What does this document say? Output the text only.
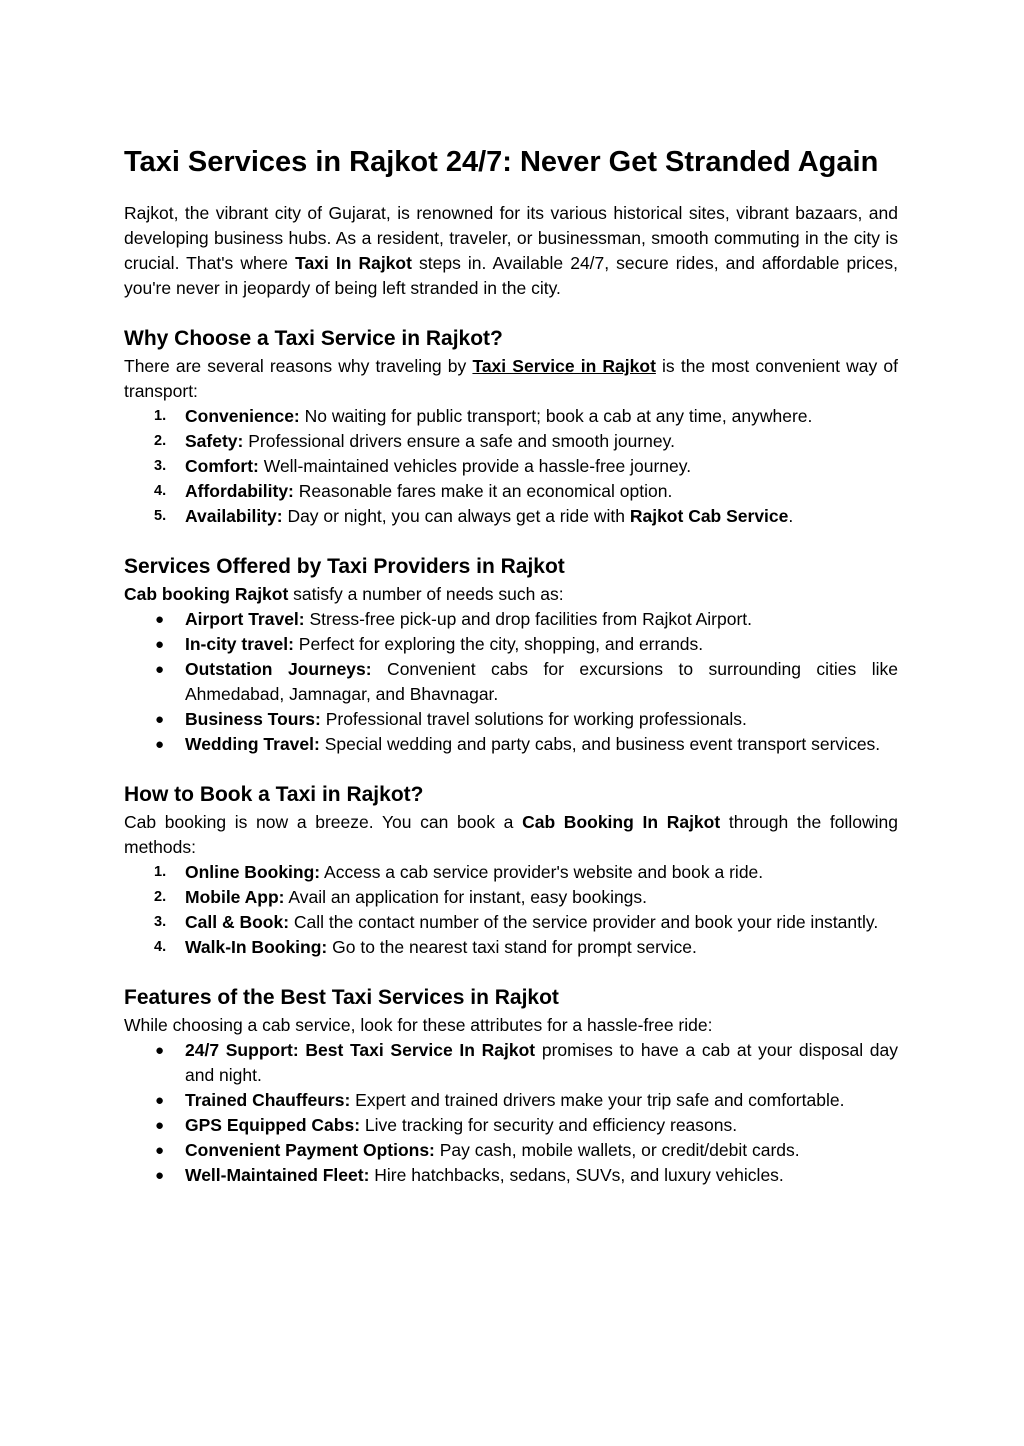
Taxi Services in Rajkot 24/7: Never Get Stranded Again

Rajkot, the vibrant city of Gujarat, is renowned for its various historical sites, vibrant bazaars, and developing business hubs. As a resident, traveler, or businessman, smooth commuting in the city is crucial. That's where Taxi In Rajkot steps in. Available 24/7, secure rides, and affordable prices, you're never in jeopardy of being left stranded in the city.

Why Choose a Taxi Service in Rajkot?

There are several reasons why traveling by Taxi Service in Rajkot is the most convenient way of transport:

1. Convenience: No waiting for public transport; book a cab at any time, anywhere.

2. Safety: Professional drivers ensure a safe and smooth journey.

3. Comfort: Well-maintained vehicles provide a hassle-free journey.

4. Affordability: Reasonable fares make it an economical option.

5. Availability: Day or night, you can always get a ride with Rajkot Cab Service.

Services Offered by Taxi Providers in Rajkot

Cab booking Rajkot satisfy a number of needs such as:

● Airport Travel: Stress-free pick-up and drop facilities from Rajkot Airport.

● In-city travel: Perfect for exploring the city, shopping, and errands.

● Outstation Journeys: Convenient cabs for excursions to surrounding cities like Ahmedabad, Jamnagar, and Bhavnagar.

● Business Tours: Professional travel solutions for working professionals.

● Wedding Travel: Special wedding and party cabs, and business event transport services.

How to Book a Taxi in Rajkot?

Cab booking is now a breeze. You can book a Cab Booking In Rajkot through the following methods:

1. Online Booking: Access a cab service provider's website and book a ride.

2. Mobile App: Avail an application for instant, easy bookings.

3. Call & Book: Call the contact number of the service provider and book your ride instantly.

4. Walk-In Booking: Go to the nearest taxi stand for prompt service.

Features of the Best Taxi Services in Rajkot

While choosing a cab service, look for these attributes for a hassle-free ride:

● 24/7 Support: Best Taxi Service In Rajkot promises to have a cab at your disposal day and night.

● Trained Chauffeurs: Expert and trained drivers make your trip safe and comfortable.

● GPS Equipped Cabs: Live tracking for security and efficiency reasons.

● Convenient Payment Options: Pay cash, mobile wallets, or credit/debit cards.

● Well-Maintained Fleet: Hire hatchbacks, sedans, SUVs, and luxury vehicles.
